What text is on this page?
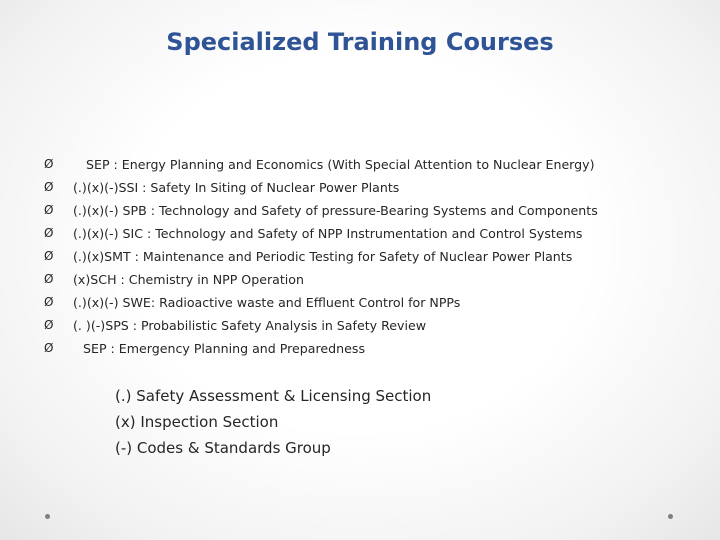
Specialized Training Courses
Ø	SEP : Energy Planning and Economics (With Special Attention to Nuclear Energy)
Ø	(.)(x)(-)SSI : Safety In Siting of Nuclear Power Plants
Ø	(.)(x)(-) SPB : Technology and Safety of pressure-Bearing Systems and Components
Ø	(.)(x)(-) SIC : Technology and Safety of NPP Instrumentation and Control Systems
Ø	(.)(x)SMT : Maintenance and Periodic Testing for Safety of Nuclear Power Plants
Ø	(x)SCH : Chemistry in NPP Operation
Ø	(.)(x)(-) SWE: Radioactive waste and Effluent Control for NPPs
Ø	(. )(-)SPS : Probabilistic Safety Analysis in Safety Review
Ø	SEP : Emergency Planning and Preparedness
(.) Safety Assessment & Licensing Section
(x) Inspection Section
(-) Codes & Standards Group
